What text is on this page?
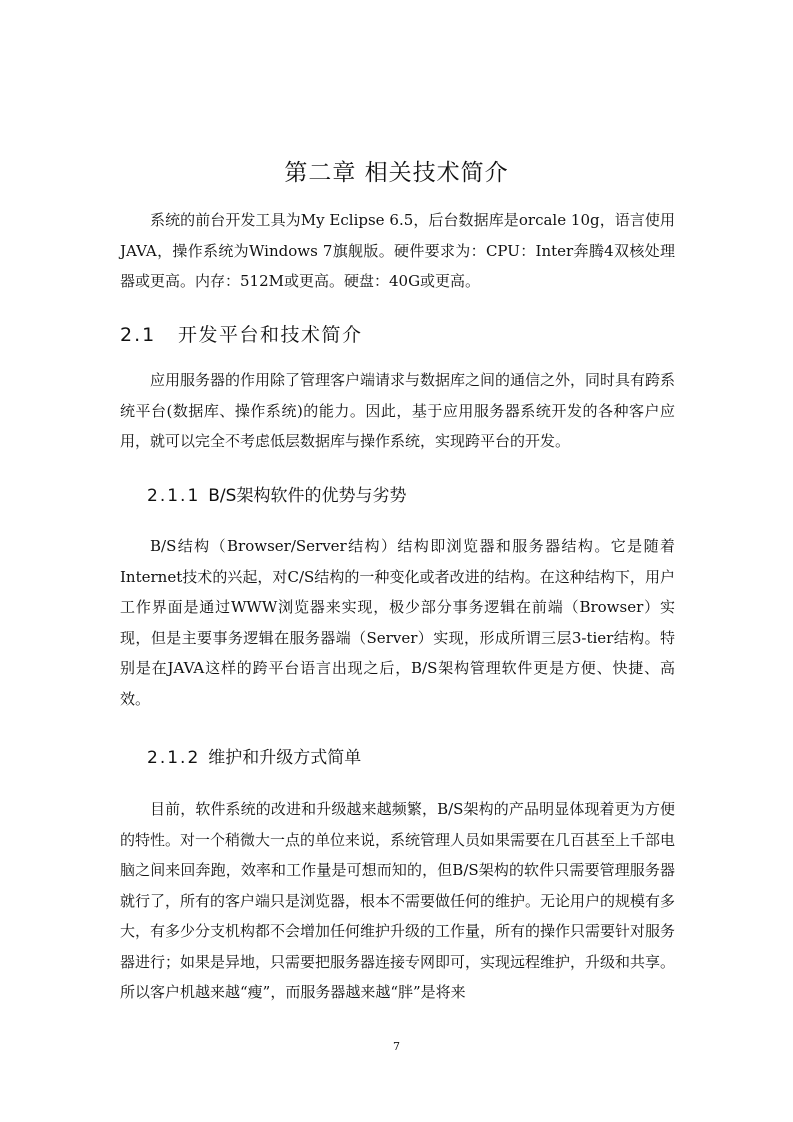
第二章 相关技术简介

系统的前台开发工具为My Eclipse 6.5，后台数据库是orcale 10g，语言使用JAVA，操作系统为Windows 7旗舰版。硬件要求为：CPU：Inter奔腾4双核处理器或更高。内存：512M或更高。硬盘：40G或更高。

2.1 开发平台和技术简介

应用服务器的作用除了管理客户端请求与数据库之间的通信之外，同时具有跨系统平台(数据库、操作系统)的能力。因此，基于应用服务器系统开发的各种客户应用，就可以完全不考虑低层数据库与操作系统，实现跨平台的开发。

2.1.1 B/S架构软件的优势与劣势

B/S结构（Browser/Server结构）结构即浏览器和服务器结构。它是随着Internet技术的兴起，对C/S结构的一种变化或者改进的结构。在这种结构下，用户工作界面是通过WWW浏览器来实现，极少部分事务逻辑在前端（Browser）实现，但是主要事务逻辑在服务器端（Server）实现，形成所谓三层3-tier结构。特别是在JAVA这样的跨平台语言出现之后，B/S架构管理软件更是方便、快捷、高效。

2.1.2 维护和升级方式简单

目前，软件系统的改进和升级越来越频繁，B/S架构的产品明显体现着更为方便的特性。对一个稍微大一点的单位来说，系统管理人员如果需要在几百甚至上千部电脑之间来回奔跑，效率和工作量是可想而知的，但B/S架构的软件只需要管理服务器就行了，所有的客户端只是浏览器，根本不需要做任何的维护。无论用户的规模有多大，有多少分支机构都不会增加任何维护升级的工作量，所有的操作只需要针对服务器进行；如果是异地，只需要把服务器连接专网即可，实现远程维护，升级和共享。所以客户机越来越“瘦”，而服务器越来越“胖”是将来

7
